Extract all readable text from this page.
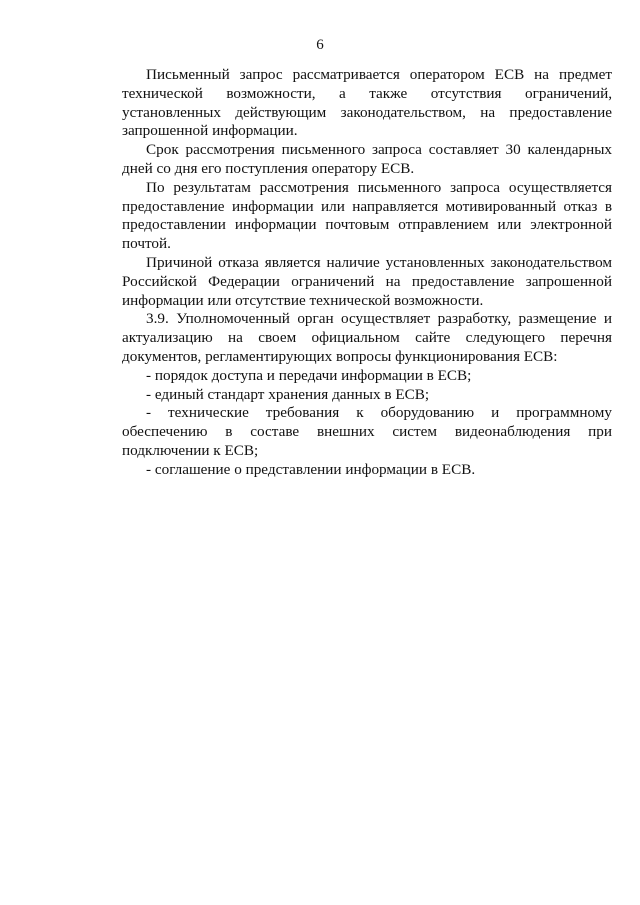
6

Письменный запрос рассматривается оператором ЕСВ на предмет технической возможности, а также отсутствия ограничений, установленных действующим законодательством, на предоставление запрошенной информации.

Срок рассмотрения письменного запроса составляет 30 календарных дней со дня его поступления оператору ЕСВ.

По результатам рассмотрения письменного запроса осуществляется предоставление информации или направляется мотивированный отказ в предоставлении информации почтовым отправлением или электронной почтой.

Причиной отказа является наличие установленных законодательством Российской Федерации ограничений на предоставление запрошенной информации или отсутствие технической возможности.

3.9. Уполномоченный орган осуществляет разработку, размещение и актуализацию на своем официальном сайте следующего перечня документов, регламентирующих вопросы функционирования ЕСВ:

- порядок доступа и передачи информации в ЕСВ;

- единый стандарт хранения данных в ЕСВ;

- технические требования к оборудованию и программному обеспечению в составе внешних систем видеонаблюдения при подключении к ЕСВ;

- соглашение о представлении информации в ЕСВ.
